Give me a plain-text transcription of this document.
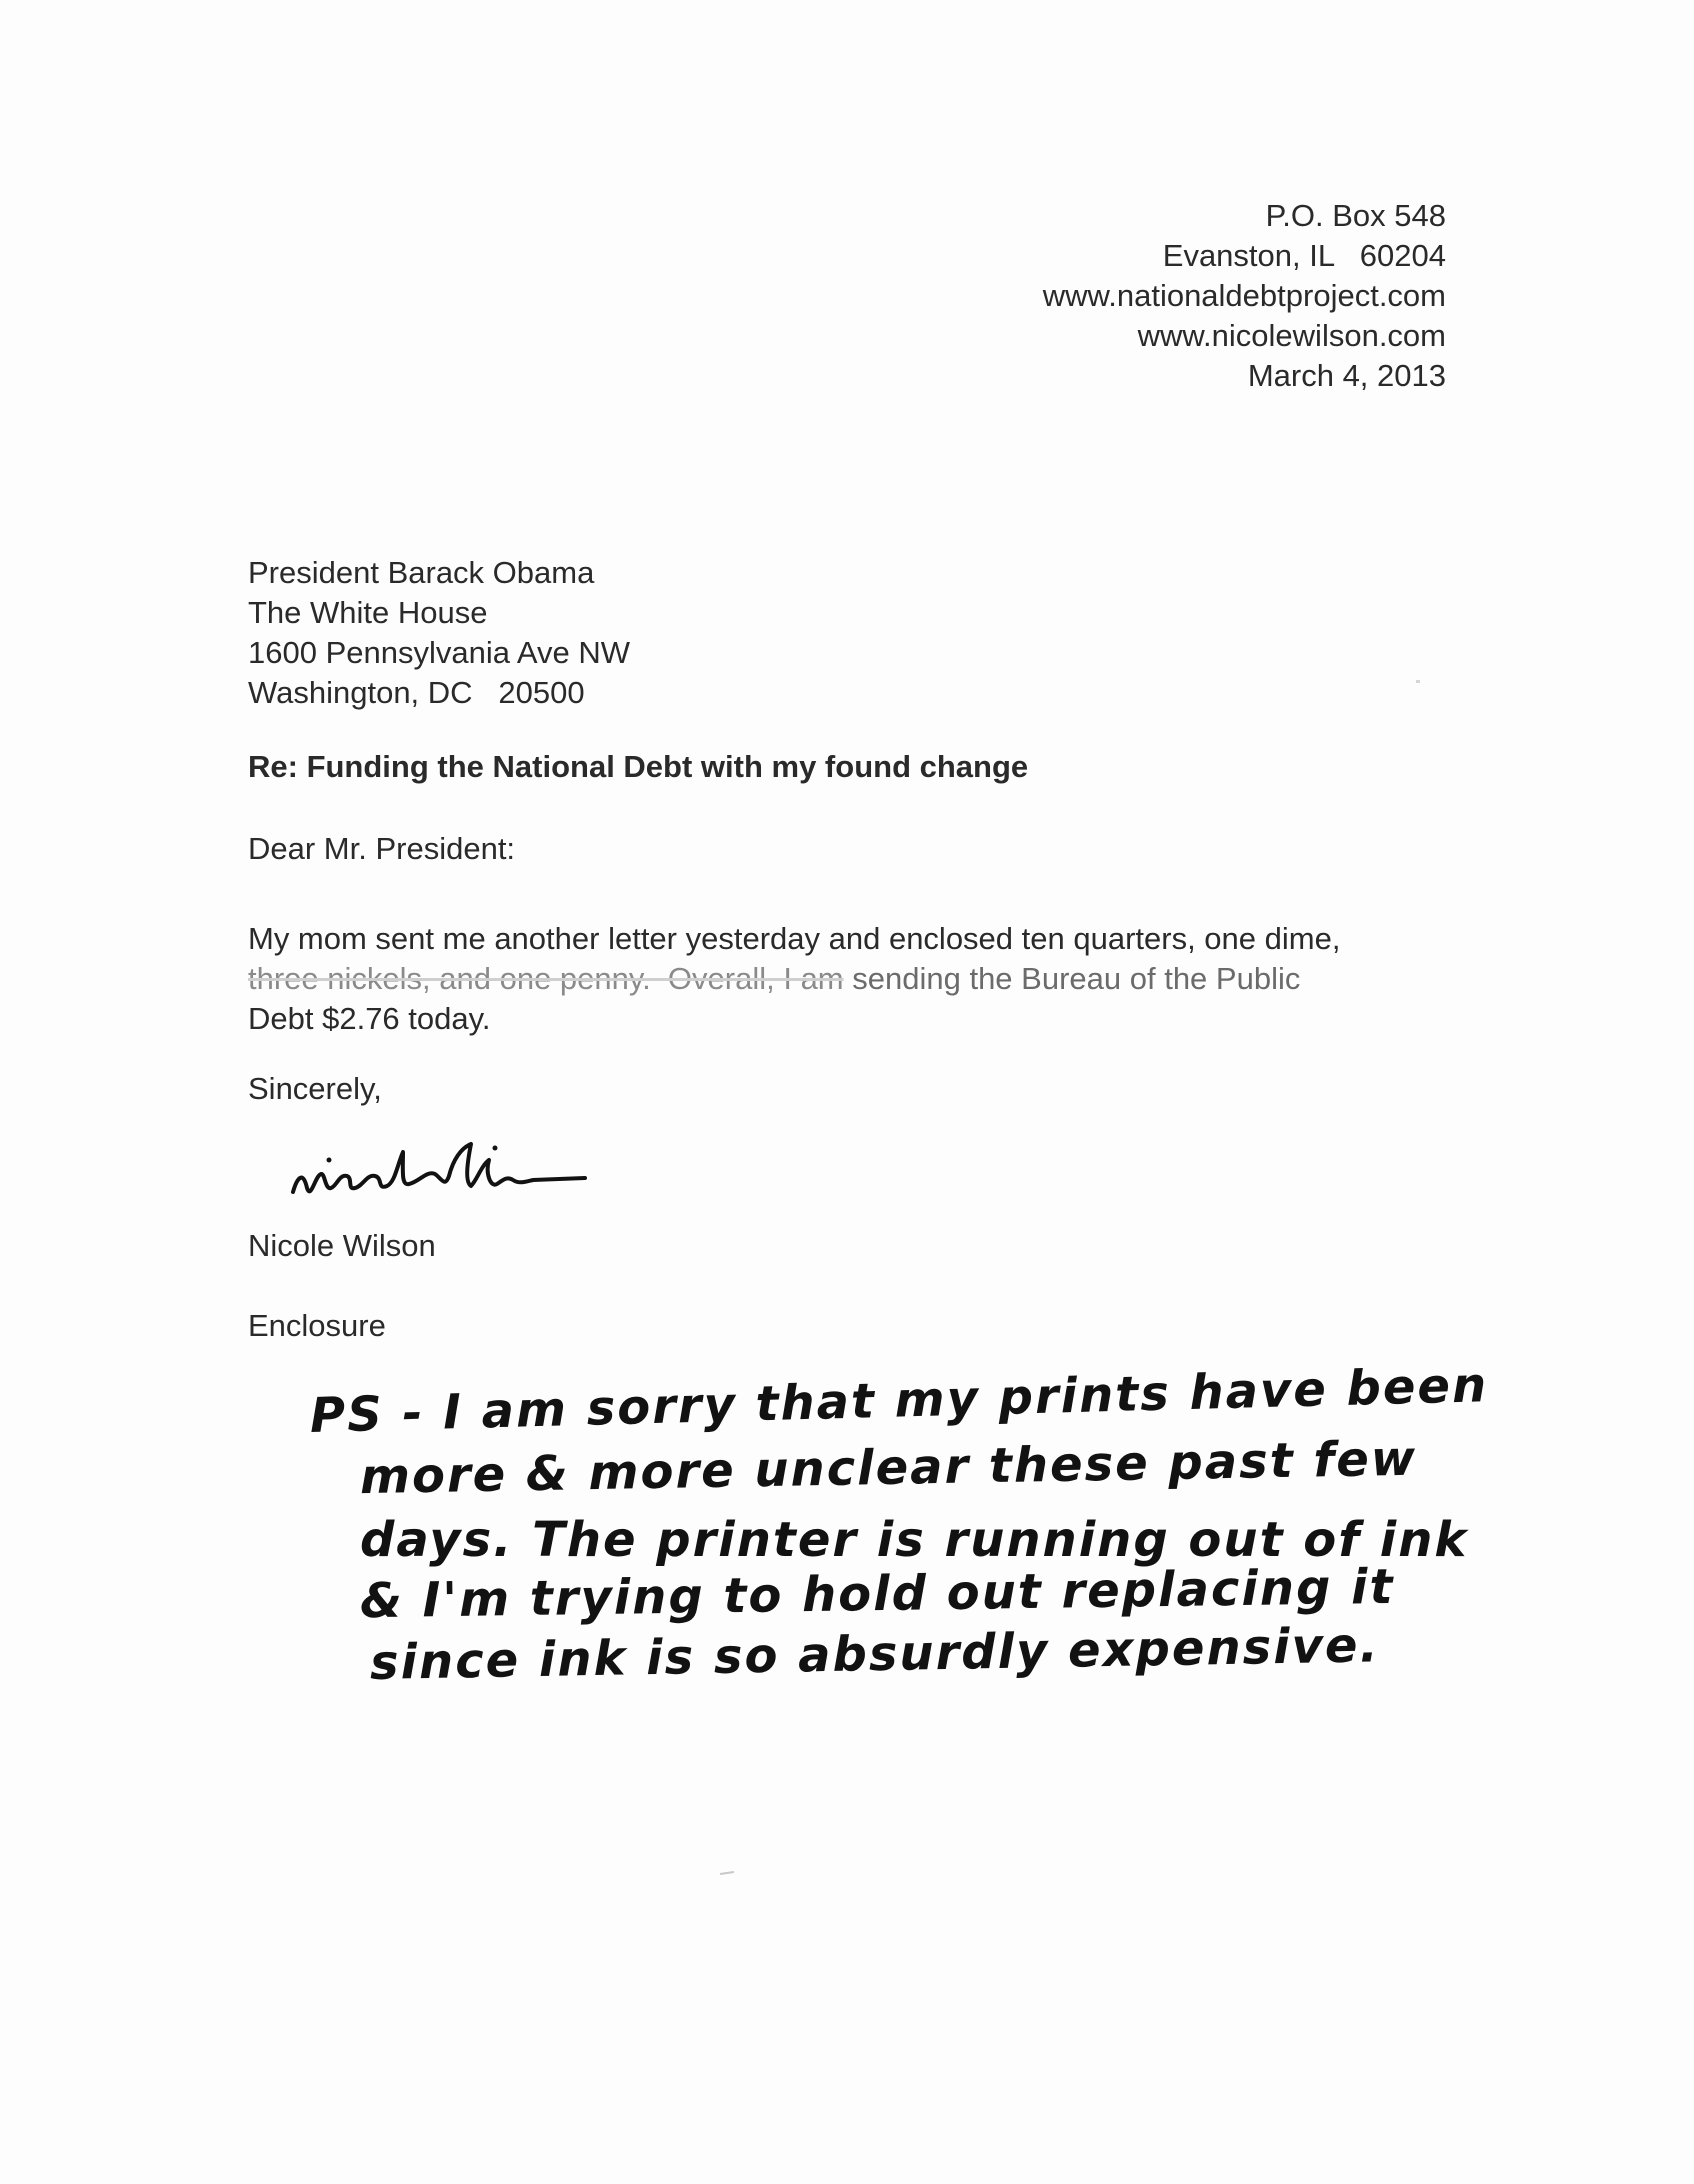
P.O. Box 548
Evanston, IL   60204
www.nationaldebtproject.com
www.nicolewilson.com
March 4, 2013
President Barack Obama
The White House
1600 Pennsylvania Ave NW
Washington, DC   20500
Re: Funding the National Debt with my found change
Dear Mr. President:
My mom sent me another letter yesterday and enclosed ten quarters, one dime,
three nickels, and one penny.  Overall, I am sending the Bureau of the Public
Debt $2.76 today.
Sincerely,
Nicole Wilson
Enclosure
PS - I am sorry that my prints have been
more & more unclear these past few
days. The printer is running out of ink
& I'm trying to hold out replacing it
since ink is so absurdly expensive.
